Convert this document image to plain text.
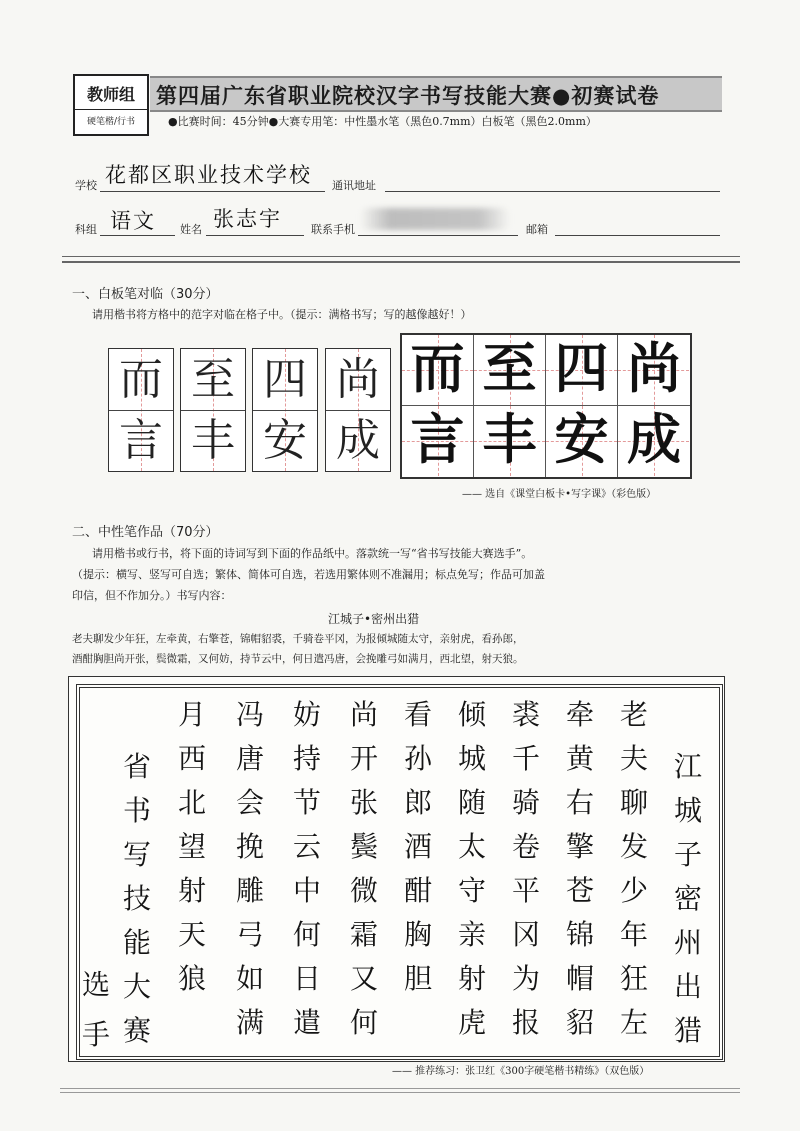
教师组
硬笔楷/行书
第四届广东省职业院校汉字书写技能大赛●初赛试卷
●比赛时间：45分钟●大赛专用笔：中性墨水笔（黑色0.7mm）白板笔（黑色2.0mm）
学校 花都区职业技术学校 通讯地址
科组 语文 姓名 张志宇	联系手机	邮箱
一、白板笔对临（30分）
请用楷书将方格中的范字对临在格子中。（提示：满格书写；写的越像越好！）
而
言
至
丰
四
安
尚
成
而 至 四 尚
言 丰 安 成
—— 选自《课堂白板卡•写字课》（彩色版）
二、中性笔作品（70分）
请用楷书或行书，将下面的诗词写到下面的作品纸中。落款统一写“省书写技能大赛选手”。
（提示：横写、竖写可自选；繁体、简体可自选，若选用繁体则不准漏用；标点免写；作品可加盖
印信，但不作加分。）书写内容：
江城子•密州出猎
老夫聊发少年狂，左牵黄，右擎苍，锦帽貂裘，千骑卷平冈，为报倾城随太守，亲射虎，看孙郎，
酒酣胸胆尚开张，鬓微霜，又何妨，持节云中，何日遣冯唐，会挽雕弓如满月，西北望，射天狼。
—— 推荐练习：张卫红《300字硬笔楷书精练》（双色版）
江
城
子
密
州
出
猎
老
夫
聊
发
少
年
狂
左
牵
黄
右
擎
苍
锦
帽
貂
裘
千
骑
卷
平
冈
为
报
倾
城
随
太
守
亲
射
虎
看
孙
郎
酒
酣
胸
胆
尚
开
张
鬓
微
霜
又
何
妨
持
节
云
中
何
日
遣
冯
唐
会
挽
雕
弓
如
满
月
西
北
望
射
天
狼
省
书
写
技
能
大
赛
选
手
